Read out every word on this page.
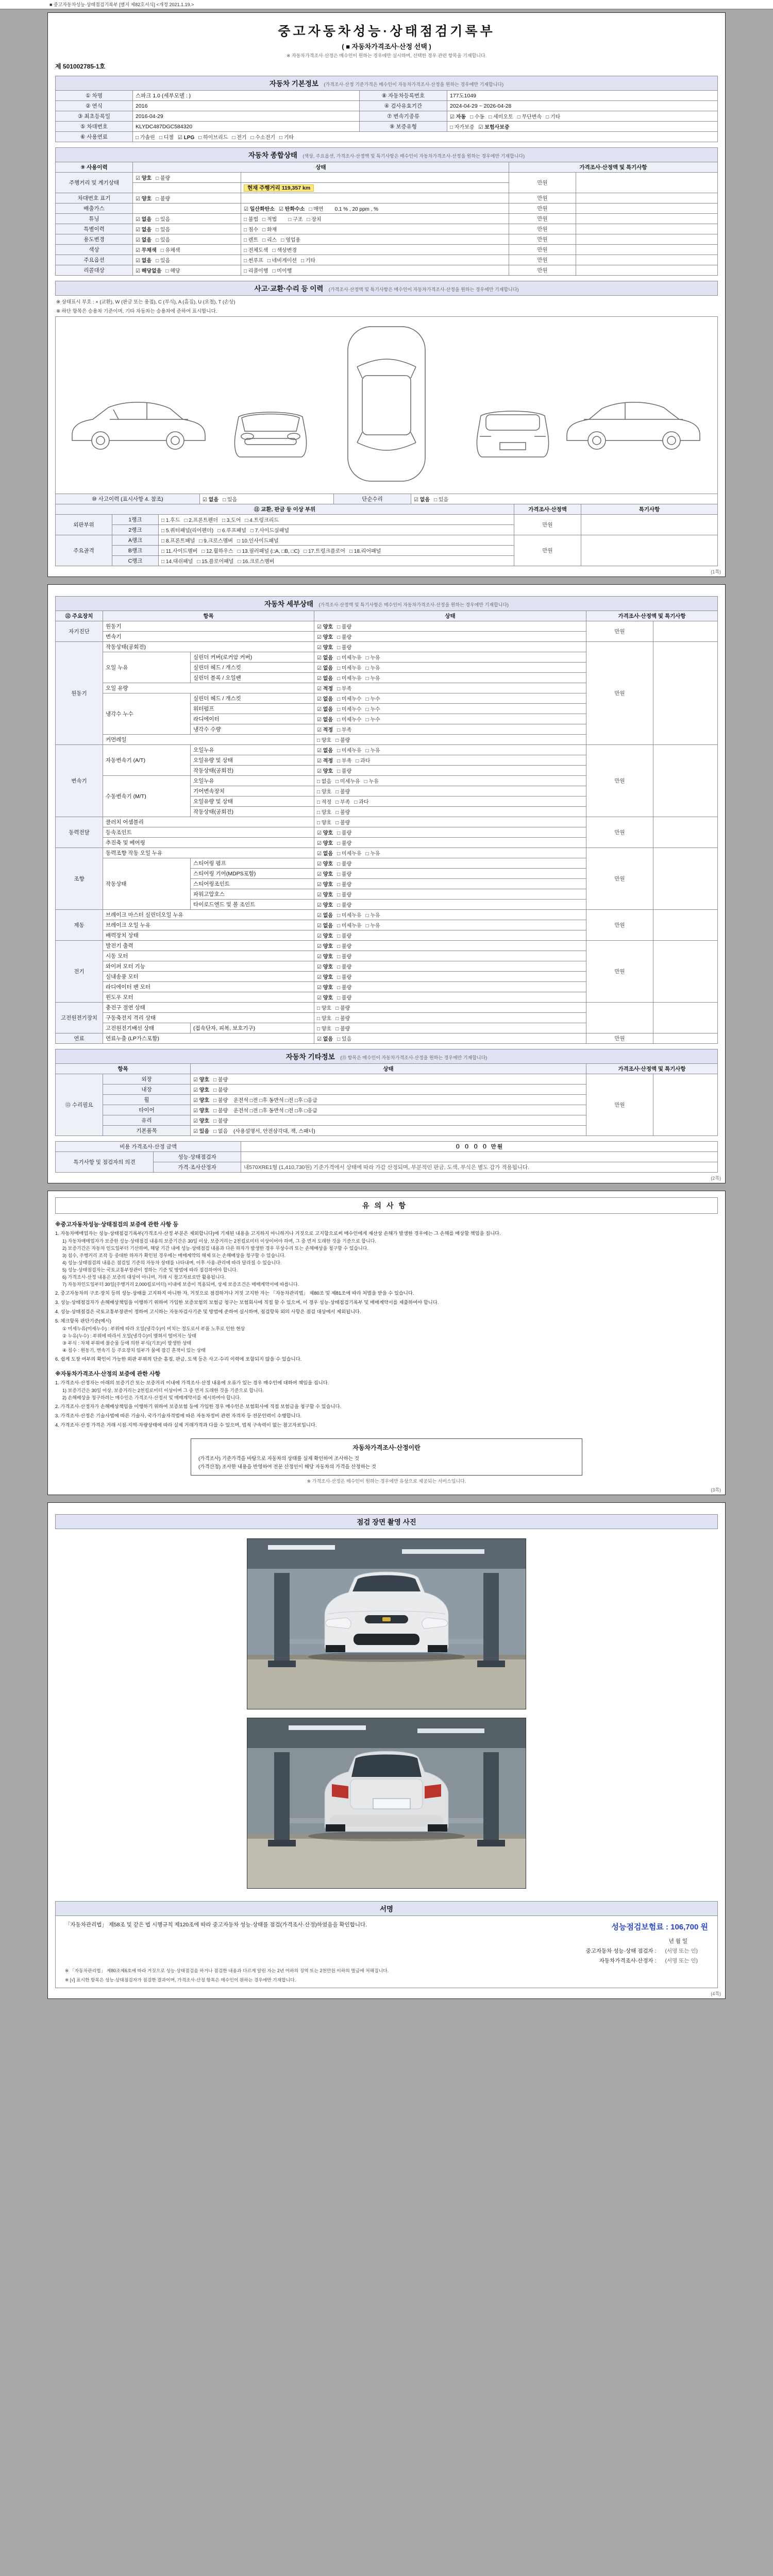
■ 중고자동차성능·상태점검기록부 [별지 제82호서식] <개정 2021.1.19.>
중고자동차성능·상태점검기록부
( ■ 자동차가격조사·산정 선택 )
※ 자동차가격조사·산정은 매수인이 원하는 경우에만 실시하며, 선택한 경우 관련 항목을 기재합니다.
제 501002785-1호
자동차 기본정보 (가격조사·산정 기준가격은 매수인이 자동차가격조사·산정을 원하는 경우에만 기재합니다)
① 차명	스파크 1.0 (세부모델 : )	⑧ 자동차등록번호	177도1049
② 연식	2016	④ 검사유효기간	2024-04-29 ~ 2026-04-28
③ 최초등록일	2016-04-29	⑦ 변속기종류	☑ 자동 □ 수동 □ 세미오토 □ 무단변속 □ 기타
⑤ 차대번호	KLYDC487DGC584320	⑨ 보증유형	□ 자가보증 ☑ 보험사보증
⑥ 사용연료	□ 가솔린 □ 디젤 ☑ LPG □ 하이브리드 □ 전기 □ 수소전기 □ 기타		
자동차 종합상태 (색상, 주요옵션, 가격조사·산정액 및 특기사항은 매수인이 자동차가격조사·산정을 원하는 경우에만 기재합니다)
⑨ 사용이력	상태		가격조사·산정액 및 특기사항	
주행거리 및 계기상태	☑ 양호 □ 불량		만원	
		현재 주행거리 119,357 km		
차대번호 표기	☑ 양호 □ 불량		만원	
배출가스		☑ 일산화탄소 ☑ 탄화수소 □ 매연 0.1 % , 20 ppm , %	만원	
튜닝	☑ 없음 □ 있음	□ 불법 □ 적법 □ 구조 □ 장치	만원	
특별이력	☑ 없음 □ 있음	□ 침수 □ 화재	만원	
용도변경	☑ 없음 □ 있음	□ 렌트 □ 리스 □ 영업용	만원	
색상	☑ 무채색 □ 유채색	□ 전체도색 □ 색상변경	만원	
주요옵션	☑ 없음 □ 있음	□ 썬루프 □ 네비게이션 □ 기타	만원	
리콜대상	☑ 해당없음 □ 해당	□ 리콜이행 □ 미이행	만원	
사고·교환·수리 등 이력 (가격조사·산정액 및 특기사항은 매수인이 자동차가격조사·산정을 원하는 경우에만 기재합니다)
※ 상태표시 부호 : × (교환), W (판금 또는 용접), C (부식), A (흠집), U (요철), T (손상)
※ 하단 항목은 승용차 기준이며, 기타 자동차는 승용차에 준하여 표시합니다.
⑩ 사고이력 (표시사항 4. 참조)	☑ 없음 □ 있음	단순수리	☑ 없음 □ 있음
⑪ 교환, 판금 등 이상 부위			가격조사·산정액	특기사항
외판부위	1랭크	□ 1.후드 □ 2.프론트펜더 □ 3.도어 □ 4.트렁크리드	만원	
	2랭크	□ 5.쿼터패널(리어펜더) □ 6.루프패널 □ 7.사이드실패널		
주요골격	A랭크	□ 8.프론트패널 □ 9.크로스멤버 □ 10.인사이드패널	만원	
	B랭크	□ 11.사이드멤버 □ 12.휠하우스 □ 13.필러패널 (□A, □B, □C) □ 17.트렁크플로어 □ 18.리어패널		
	C랭크	□ 14.대쉬패널 □ 15.플로어패널 □ 16.크로스멤버		
(1쪽)
자동차 세부상태 (가격조사·산정액 및 특기사항은 매수인이 자동차가격조사·산정을 원하는 경우에만 기재합니다)
⑫ 주요장치	항목		상태	가격조사·산정액 및 특기사항	
자기진단	원동기		☑ 양호 □ 불량	만원	
	변속기		☑ 양호 □ 불량		
원동기	작동상태(공회전)		☑ 양호 □ 불량	만원	
	오일 누유	실린더 커버(로커암 커버)	☑ 없음 □ 미세누유 □ 누유		
		실린더 헤드 / 개스킷	☑ 없음 □ 미세누유 □ 누유		
		실린더 블록 / 오일팬	☑ 없음 □ 미세누유 □ 누유		
	오일 유량		☑ 적정 □ 부족		
	냉각수 누수	실린더 헤드 / 개스킷	☑ 없음 □ 미세누수 □ 누수		
		워터펌프	☑ 없음 □ 미세누수 □ 누수		
		라디에이터	☑ 없음 □ 미세누수 □ 누수		
		냉각수 수량	☑ 적정 □ 부족		
	커먼레일		□ 양호 □ 불량		
변속기	자동변속기 (A/T)	오일누유	☑ 없음 □ 미세누유 □ 누유	만원	
		오일유량 및 상태	☑ 적정 □ 부족 □ 과다		
		작동상태(공회전)	☑ 양호 □ 불량		
	수동변속기 (M/T)	오일누유	□ 없음 □ 미세누유 □ 누유		
		기어변속장치	□ 양호 □ 불량		
		오일유량 및 상태	□ 적정 □ 부족 □ 과다		
		작동상태(공회전)	□ 양호 □ 불량		
동력전달	클러치 어셈블리		□ 양호 □ 불량	만원	
	등속조인트		☑ 양호 □ 불량		
	추진축 및 베어링		☑ 양호 □ 불량		
조향	동력조향 작동 오일 누유		☑ 없음 □ 미세누유 □ 누유	만원	
	작동상태	스티어링 펌프	☑ 양호 □ 불량		
		스티어링 기어(MDPS포함)	☑ 양호 □ 불량		
		스티어링조인트	☑ 양호 □ 불량		
		파워고압호스	☑ 양호 □ 불량		
		타이로드엔드 및 볼 조인트	☑ 양호 □ 불량		
제동	브레이크 마스터 실린더오일 누유		☑ 없음 □ 미세누유 □ 누유	만원	
	브레이크 오일 누유		☑ 없음 □ 미세누유 □ 누유		
	배력장치 상태		☑ 양호 □ 불량		
전기	발전기 출력		☑ 양호 □ 불량	만원	
	시동 모터		☑ 양호 □ 불량		
	와이퍼 모터 기능		☑ 양호 □ 불량		
	실내송풍 모터		☑ 양호 □ 불량		
	라디에이터 팬 모터		☑ 양호 □ 불량		
	윈도우 모터		☑ 양호 □ 불량		
고전원전기장치	충전구 절연 상태		□ 양호 □ 불량		
	구동축전지 격리 상태		□ 양호 □ 불량		
	고전원전기배선 상태	(접속단자, 피복, 보호기구)	□ 양호 □ 불량		
연료	연료누출 (LP가스포함)		☑ 없음 □ 있음	만원	
자동차 기타정보 (⑬ 항목은 매수인이 자동차가격조사·산정을 원하는 경우에만 기재합니다)
항목		상태	가격조사·산정액 및 특기사항	
⑬ 수리필요	외장	☑ 양호 □ 불량	만원	
	내장	☑ 양호 □ 불량		
	휠	☑ 양호 □ 불량 운전석 □전 □후 동반석 □전 □후 □응급		
	타이어	☑ 양호 □ 불량 운전석 □전 □후 동반석 □전 □후 □응급		
	유리	☑ 양호 □ 불량		
	기본품목	☑ 있음 □ 없음 (사용설명서, 안전삼각대, 잭, 스패너)		
비용 가격조사·산정 금액		０ ０ ０ ０ 만원
특기사항 및 점검자의 의견	성능·상태점검자	
	가격·조사산정자	내570XRE1형 (1,410,730원) 기준가격에서 상태에 따라 가감 산정되며, 부분적인 판금, 도색, 부식은 별도 감가 적용됩니다.
(2쪽)
유의사항
※중고자동차성능·상태점검의 보증에 관한 사항 등
1. 자동차매매업자는 성능·상태점검기록부(가격조사·산정 부분은 제외합니다)에 기재된 내용을 고지하지 아니하거나 거짓으로 고지함으로써 매수인에게 재산상 손해가 발생한 경우에는 그 손해를 배상할 책임을 집니다.
1) 자동차매매업자가 보증한 성능·상태점검 내용의 보증기간은 30일 이상, 보증거리는 2천킬로미터 이상이어야 하며, 그 중 먼저 도래한 것을 기준으로 합니다.
2) 보증기간은 자동차 인도일부터 기산하며, 해당 기간 내에 성능·상태점검 내용과 다른 하자가 발생한 경우 무상수리 또는 손해배상을 청구할 수 있습니다.
3) 침수, 주행거리 조작 등 중대한 하자가 확인된 경우에는 매매계약의 해제 또는 손해배상을 청구할 수 있습니다.
4) 성능·상태점검의 내용은 점검일 기준의 자동차 상태를 나타내며, 이후 사용·관리에 따라 달라질 수 있습니다.
5) 성능·상태점검자는 국토교통부장관이 정하는 기준 및 방법에 따라 점검하여야 합니다.
6) 가격조사·산정 내용은 보증의 대상이 아니며, 거래 시 참고자료로만 활용됩니다.
7) 자동차인도일부터 30일(주행거리 2,000킬로미터) 이내에 보증이 적용되며, 상세 보증조건은 매매계약서에 따릅니다.
2. 중고자동차의 구조·장치 등의 성능·상태를 고지하지 아니한 자, 거짓으로 점검하거나 거짓 고지한 자는 「자동차관리법」 제80조 및 제81조에 따라 처벌을 받을 수 있습니다.
3. 성능·상태점검자가 손해배상책임을 이행하기 위하여 가입한 보증보험의 보험금 청구는 보험회사에 직접 할 수 있으며, 이 경우 성능·상태점검기록부 및 매매계약서를 제출하여야 합니다.
4. 성능·상태점검은 국토교통부장관이 정하여 고시하는 자동차검사기준 및 방법에 준하여 실시하며, 점검항목 외의 사항은 점검 대상에서 제외됩니다.
5. 체크항목 판단기준(예시)
① 미세누유(미세누수) : 부위에 따라 오일(냉각수)이 비치는 정도로서 부품 노후로 인한 현상
② 누유(누수) : 부위에 따라서 오일(냉각수)이 맺혀서 떨어지는 상태
③ 부식 : 차체 부위에 불순물 등에 의한 부식(기포)이 발생한 상태
④ 침수 : 원동기, 변속기 등 주요장치 일부가 물에 잠긴 흔적이 있는 상태
6. 쉽게 도장 여부의 확인이 가능한 외판 부위의 단순 흠집, 판금, 도색 등은 사고·수리 이력에 포함되지 않을 수 있습니다.
※자동차가격조사·산정의 보증에 관한 사항
1. 가격조사·산정자는 아래의 보증기간 또는 보증거리 이내에 가격조사·산정 내용에 오류가 있는 경우 매수인에 대하여 책임을 집니다.
1) 보증기간은 30일 이상, 보증거리는 2천킬로미터 이상이며 그 중 먼저 도래한 것을 기준으로 합니다.
2) 손해배상을 청구하려는 매수인은 가격조사·산정서 및 매매계약서를 제시하여야 합니다.
2. 가격조사·산정자가 손해배상책임을 이행하기 위하여 보증보험 등에 가입한 경우 매수인은 보험회사에 직접 보험금을 청구할 수 있습니다.
3. 가격조사·산정은 기술사법에 따른 기술사, 국가기술자격법에 따른 자동차정비 관련 자격자 등 전문인력이 수행합니다.
4. 가격조사·산정 가격은 거래 시점·지역·차량상태에 따라 실제 거래가격과 다를 수 있으며, 법적 구속력이 없는 참고자료입니다.
자동차가격조사·산정이란
(가격조사) 기준가격을 바탕으로 자동차의 상태를 실제 확인하여 조사하는 것
(가격산정) 조사한 내용을 반영하여 전문 산정인이 해당 자동차의 가격을 산정하는 것
※ 가격조사·산정은 매수인이 원하는 경우에만 유상으로 제공되는 서비스입니다.
(3쪽)
점검 장면 촬영 사진

서명
「자동차관리법」 제58조 및 같은 법 시행규칙 제120조에 따라 중고자동차 성능·상태를 점검(가격조사·산정)하였음을 확인합니다.	성능점검보험료 : 106,700 원
년 월 일
중고자동차 성능·상태 점검자 : (서명 또는 인)
자동차가격조사·산정자 : (서명 또는 인)
※ 「자동차관리법」 제80조제6호에 따라 거짓으로 성능·상태점검을 하거나 점검한 내용과 다르게 알린 자는 2년 이하의 징역 또는 2천만원 이하의 벌금에 처해집니다.
※ [√] 표시한 항목은 성능·상태점검자가 점검한 결과이며, 가격조사·산정 항목은 매수인이 원하는 경우에만 기재합니다.
(4쪽)
